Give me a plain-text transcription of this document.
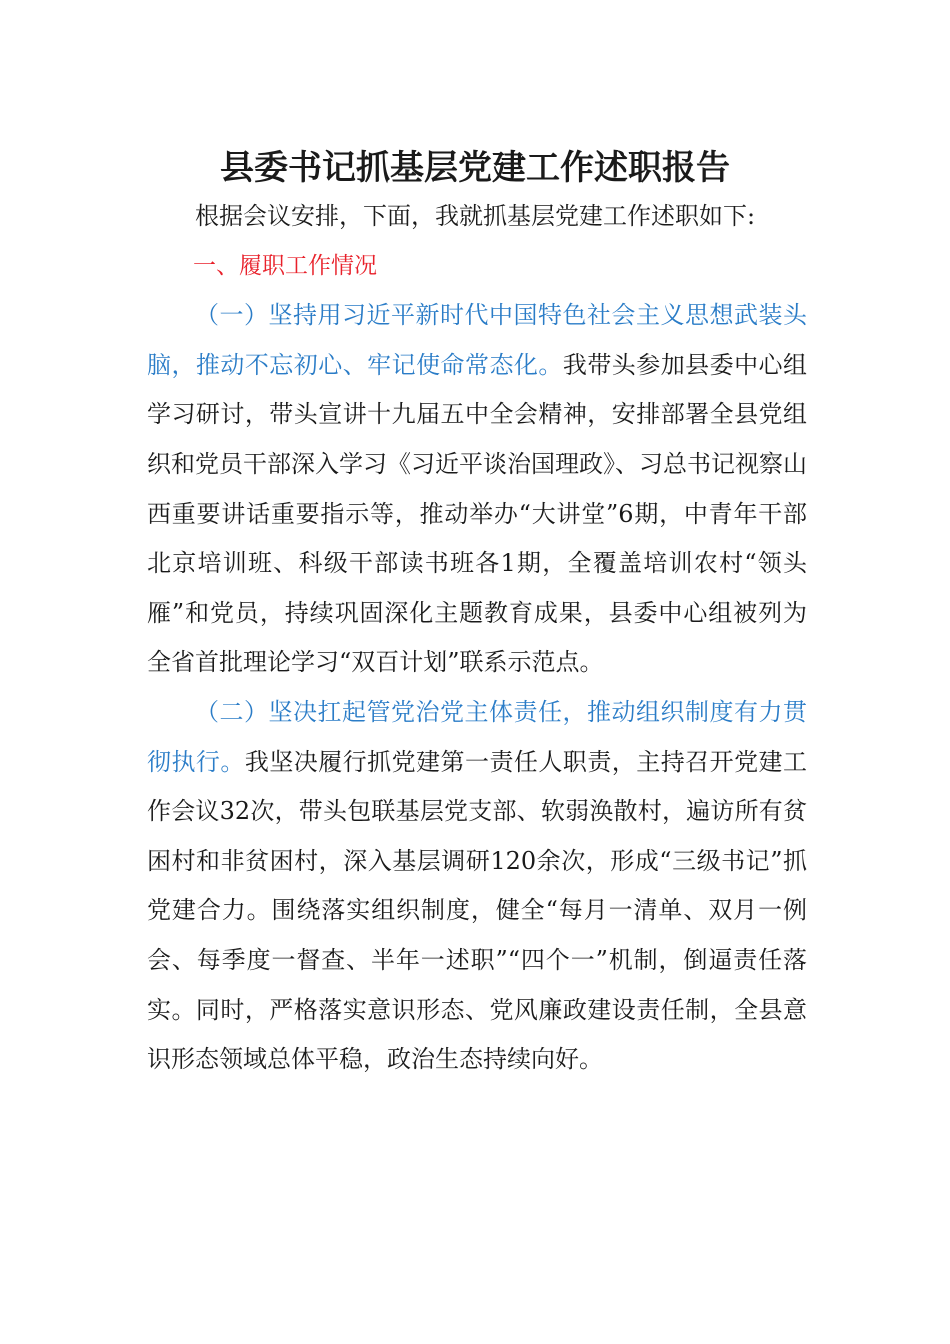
县委书记抓基层党建工作述职报告

根据会议安排，下面，我就抓基层党建工作述职如下:

一、履职工作情况

（一）坚持用习近平新时代中国特色社会主义思想武装头脑，推动不忘初心、牢记使命常态化。我带头参加县委中心组学习研讨，带头宣讲十九届五中全会精神，安排部署全县党组织和党员干部深入学习《习近平谈治国理政》、习总书记视察山西重要讲话重要指示等，推动举办“大讲堂”6期，中青年干部北京培训班、科级干部读书班各1期，全覆盖培训农村“领头雁”和党员，持续巩固深化主题教育成果，县委中心组被列为全省首批理论学习“双百计划”联系示范点。

（二）坚决扛起管党治党主体责任，推动组织制度有力贯彻执行。我坚决履行抓党建第一责任人职责，主持召开党建工作会议32次，带头包联基层党支部、软弱涣散村，遍访所有贫困村和非贫困村，深入基层调研120余次，形成“三级书记”抓党建合力。围绕落实组织制度，健全“每月一清单、双月一例会、每季度一督查、半年一述职”“四个一”机制，倒逼责任落实。同时，严格落实意识形态、党风廉政建设责任制，全县意识形态领域总体平稳，政治生态持续向好。
